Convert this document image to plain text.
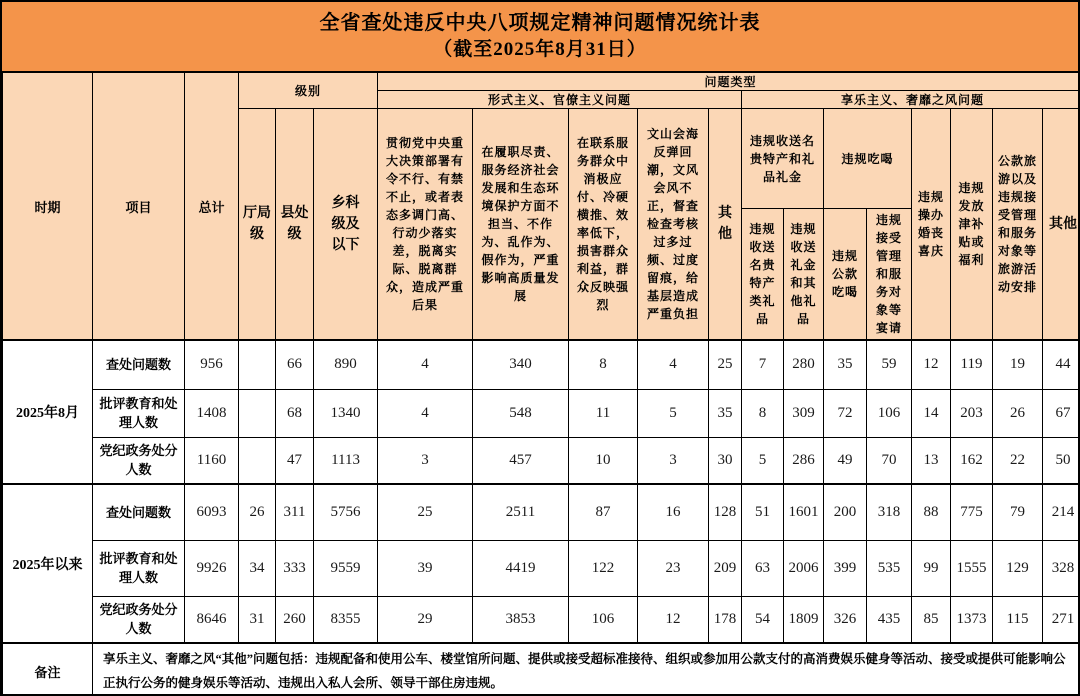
全省查处违反中央八项规定精神问题情况统计表
（截至2025年8月31日）
时期	项目	总计	级别			问题类型												
						形式主义、官僚主义问题					享乐主义、奢靡之风问题							
			厅局级	县处级	乡科级及以下	贯彻党中央重大决策部署有令不行、有禁不止，或者表态多调门高、行动少落实差，脱离实际、脱离群众，造成严重后果	在履职尽责、服务经济社会发展和生态环境保护方面不担当、不作为、乱作为、假作为，严重影响高质量发展	在联系服务群众中消极应付、冷硬横推、效率低下，损害群众利益，群众反映强烈	文山会海反弹回潮，文风会风不正，督查检查考核过多过频、过度留痕，给基层造成严重负担	其他	违规收送名贵特产和礼品礼金		违规吃喝		违规操办婚丧喜庆	违规发放津补贴或福利	公款旅游以及违规接受管理和服务对象等旅游活动安排	其他
											违规收送名贵特产类礼品	违规收送礼金和其他礼品	违规公款吃喝	违规接受管理和服务对象等宴请				
2025年8月	查处问题数	956		66	890	4	340	8	4	25	7	280	35	59	12	119	19	44
	批评教育和处理人数	1408		68	1340	4	548	11	5	35	8	309	72	106	14	203	26	67
	党纪政务处分人数	1160		47	1113	3	457	10	3	30	5	286	49	70	13	162	22	50
2025年以来	查处问题数	6093	26	311	5756	25	2511	87	16	128	51	1601	200	318	88	775	79	214
	批评教育和处理人数	9926	34	333	9559	39	4419	122	23	209	63	2006	399	535	99	1555	129	328
	党纪政务处分人数	8646	31	260	8355	29	3853	106	12	178	54	1809	326	435	85	1373	115	271
备注	享乐主义、奢靡之风“其他”问题包括：违规配备和使用公车、楼堂馆所问题、提供或接受超标准接待、组织或参加用公款支付的高消费娱乐健身等活动、接受或提供可能影响公正执行公务的健身娱乐等活动、违规出入私人会所、领导干部住房违规。																	
